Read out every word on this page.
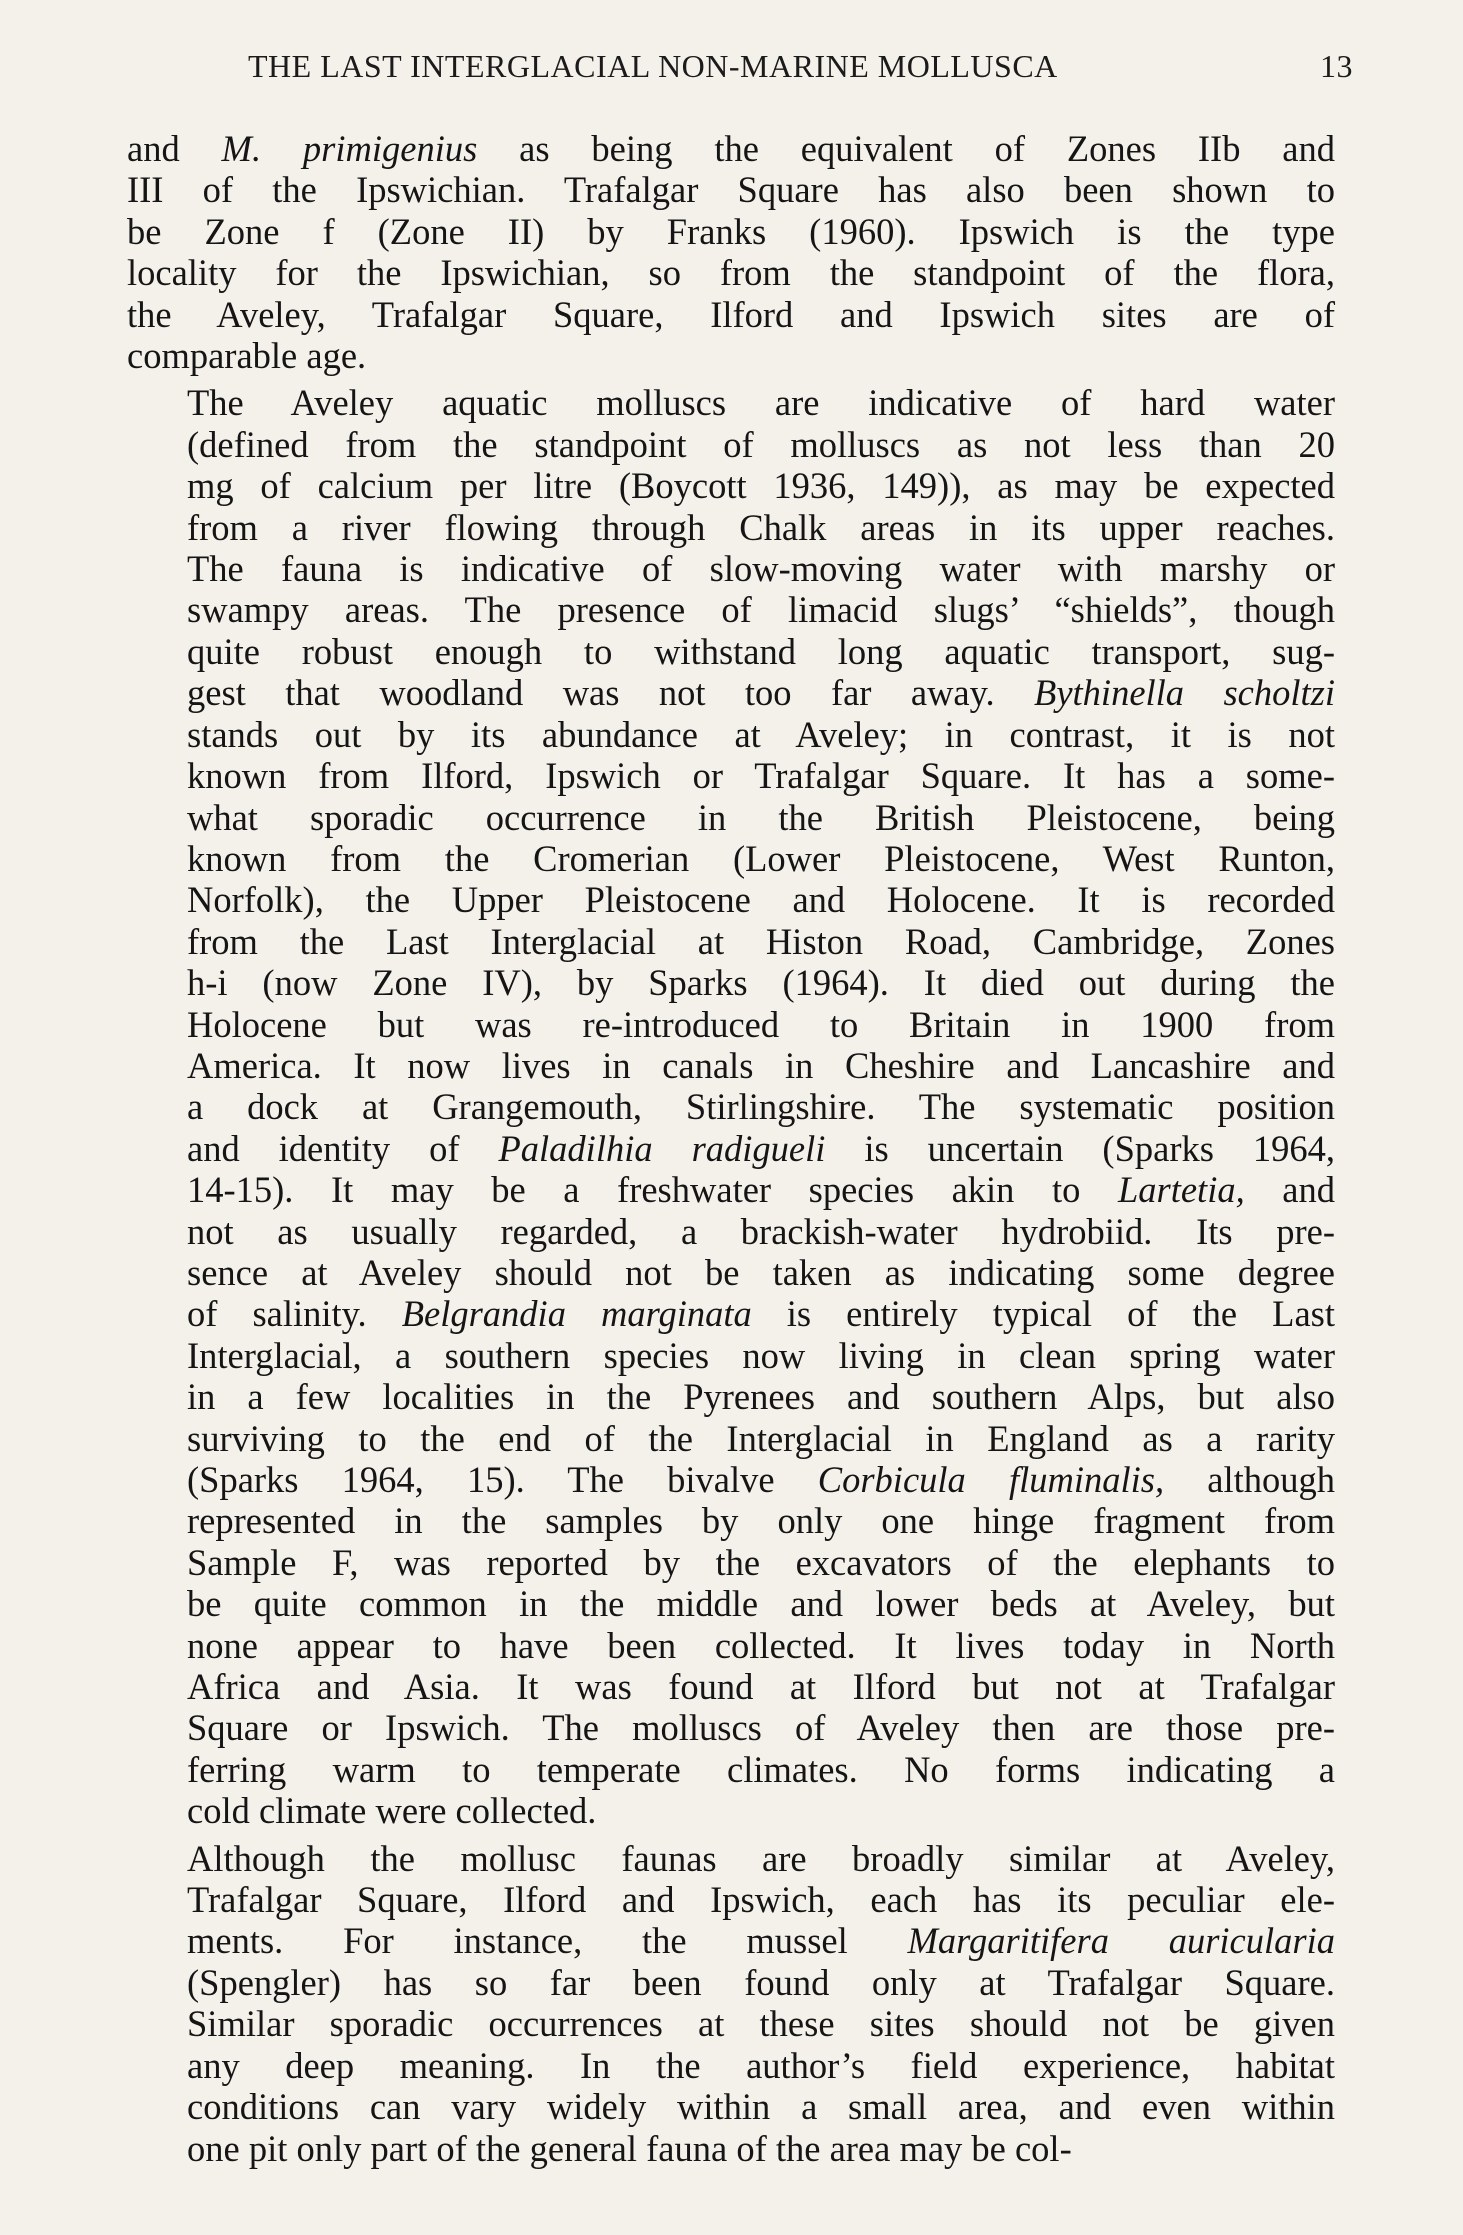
THE LAST INTERGLACIAL NON-MARINE MOLLUSCA	13
and M. primigenius as being the equivalent of Zones IIb and
III of the Ipswichian. Trafalgar Square has also been shown to
be Zone f (Zone II) by Franks (1960). Ipswich is the type
locality for the Ipswichian, so from the standpoint of the flora,
the Aveley, Trafalgar Square, Ilford and Ipswich sites are of
comparable age.
The Aveley aquatic molluscs are indicative of hard water
(defined from the standpoint of molluscs as not less than 20
mg of calcium per litre (Boycott 1936, 149)), as may be expected
from a river flowing through Chalk areas in its upper reaches.
The fauna is indicative of slow-moving water with marshy or
swampy areas. The presence of limacid slugs’ “shields”, though
quite robust enough to withstand long aquatic transport, sug-
gest that woodland was not too far away. Bythinella scholtzi
stands out by its abundance at Aveley; in contrast, it is not
known from Ilford, Ipswich or Trafalgar Square. It has a some-
what sporadic occurrence in the British Pleistocene, being
known from the Cromerian (Lower Pleistocene, West Runton,
Norfolk), the Upper Pleistocene and Holocene. It is recorded
from the Last Interglacial at Histon Road, Cambridge, Zones
h-i (now Zone IV), by Sparks (1964). It died out during the
Holocene but was re-introduced to Britain in 1900 from
America. It now lives in canals in Cheshire and Lancashire and
a dock at Grangemouth, Stirlingshire. The systematic position
and identity of Paladilhia radigueli is uncertain (Sparks 1964,
14-15). It may be a freshwater species akin to Lartetia, and
not as usually regarded, a brackish-water hydrobiid. Its pre-
sence at Aveley should not be taken as indicating some degree
of salinity. Belgrandia marginata is entirely typical of the Last
Interglacial, a southern species now living in clean spring water
in a few localities in the Pyrenees and southern Alps, but also
surviving to the end of the Interglacial in England as a rarity
(Sparks 1964, 15). The bivalve Corbicula fluminalis, although
represented in the samples by only one hinge fragment from
Sample F, was reported by the excavators of the elephants to
be quite common in the middle and lower beds at Aveley, but
none appear to have been collected. It lives today in North
Africa and Asia. It was found at Ilford but not at Trafalgar
Square or Ipswich. The molluscs of Aveley then are those pre-
ferring warm to temperate climates. No forms indicating a
cold climate were collected.
Although the mollusc faunas are broadly similar at Aveley,
Trafalgar Square, Ilford and Ipswich, each has its peculiar ele-
ments. For instance, the mussel Margaritifera auricularia
(Spengler) has so far been found only at Trafalgar Square.
Similar sporadic occurrences at these sites should not be given
any deep meaning. In the author’s field experience, habitat
conditions can vary widely within a small area, and even within
one pit only part of the general fauna of the area may be col-
